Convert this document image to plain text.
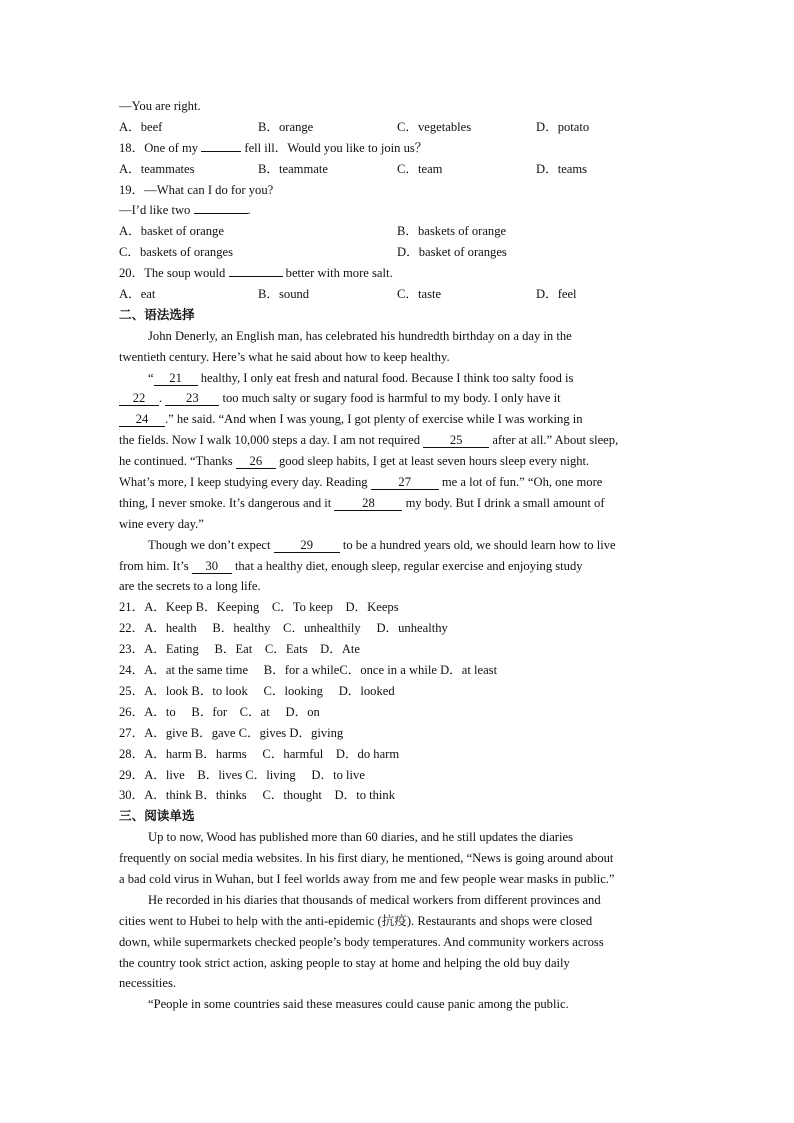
—You are right.
A．beef	B．orange	C．vegetables	D．potato
18．One of my	fell ill．Would you like to join us？
A．teammates	B．teammate	C．team	D．teams
19．—What can I do for you?
—I’d like two	.
A．basket of orange	B．baskets of orange
C．baskets of oranges	D．basket of oranges
20．The soup would	better with more salt.
A．eat	B．sound	C．taste	D．feel
二、语法选择
John Denerly, an English man, has celebrated his hundredth birthday on a day in the
twentieth century. Here’s what he said about how to keep healthy.
“ 21 healthy, I only eat fresh and natural food. Because I think too salty food is
22 . 23 too much salty or sugary food is harmful to my body. I only have it
24 .” he said. “And when I was young, I got plenty of exercise while I was working in
the fields. Now I walk 10,000 steps a day. I am not required 25 after at all.” About sleep,
he continued. “Thanks 26 good sleep habits, I get at least seven hours sleep every night.
What’s more, I keep studying every day. Reading 27 me a lot of fun.” “Oh, one more
thing, I never smoke. It’s dangerous and it 28 my body. But I drink a small amount of
wine every day.”
Though we don’t expect 29 to be a hundred years old, we should learn how to live
from him. It’s 30 that a healthy diet, enough sleep, regular exercise and enjoying study
are the secrets to a long life.
21．A．Keep B．Keeping　C．To keep　D．Keeps
22．A．health　 B．healthy　C．unhealthily　 D．unhealthy
23．A．Eating　 B．Eat　C．Eats　D．Ate
24．A．at the same time　 B．for a whileC．once in a while D．at least
25．A．look B．to look　 C．looking　 D．looked
26．A．to　 B．for　C．at　 D．on
27．A．give B．gave C．gives D．giving
28．A．harm B．harms　 C．harmful　D．do harm
29．A．live　B．lives C．living　 D．to live
30．A．think B．thinks　 C．thought　D．to think
三、阅读单选
Up to now, Wood has published more than 60 diaries, and he still updates the diaries
frequently on social media websites. In his first diary, he mentioned, “News is going around about
a bad cold virus in Wuhan, but I feel worlds away from me and few people wear masks in public.”
He recorded in his diaries that thousands of medical workers from different provinces and
cities went to Hubei to help with the anti-epidemic (抗疫). Restaurants and shops were closed
down, while supermarkets checked people’s body temperatures. And community workers across
the country took strict action, asking people to stay at home and helping the old buy daily
necessities.
“People in some countries said these measures could cause panic among the public.
